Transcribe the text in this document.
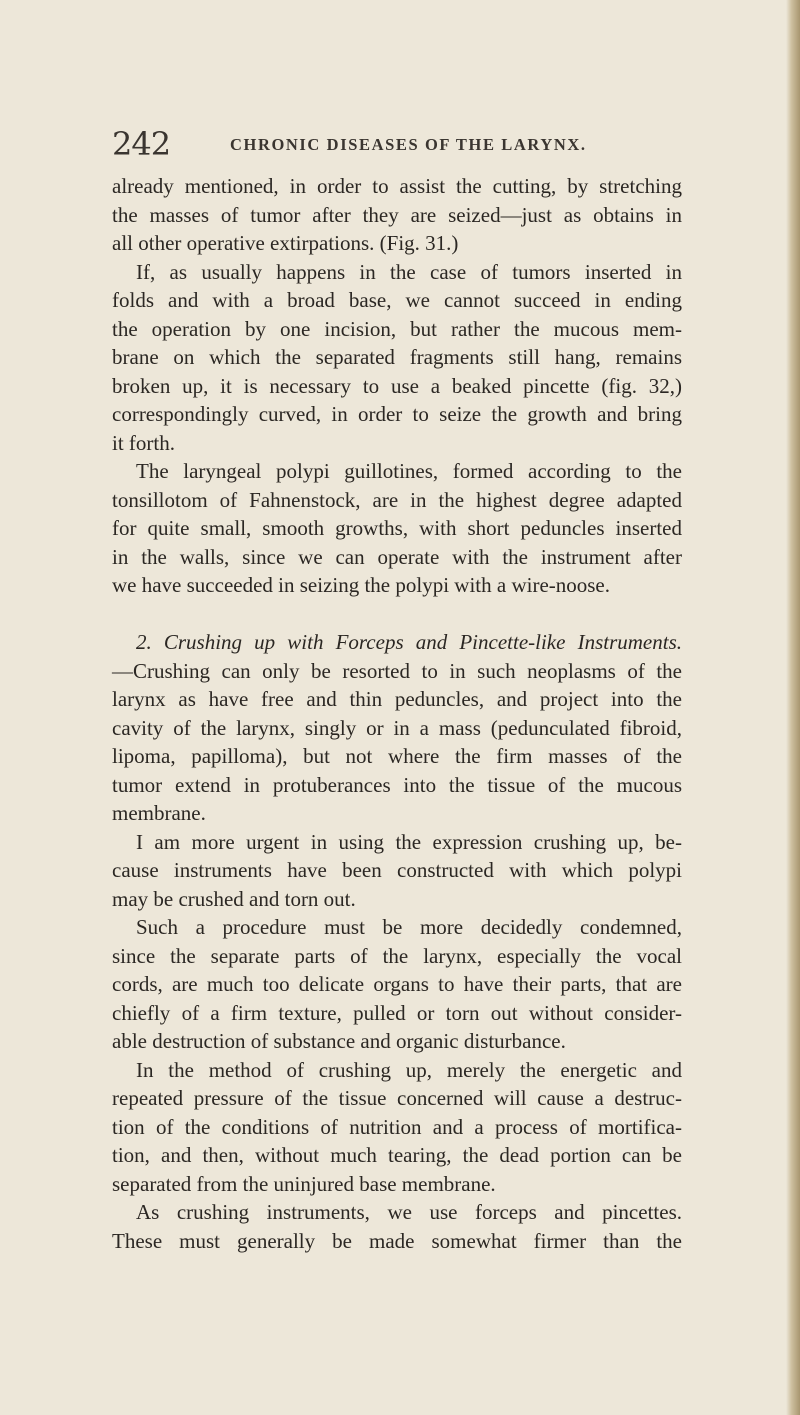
242	CHRONIC DISEASES OF THE LARYNX.
already mentioned, in order to assist the cutting, by stretching
the masses of tumor after they are seized—just as obtains in
all other operative extirpations. (Fig. 31.)
If, as usually happens in the case of tumors inserted in
folds and with a broad base, we cannot succeed in ending
the operation by one incision, but rather the mucous mem-
brane on which the separated fragments still hang, remains
broken up, it is necessary to use a beaked pincette (fig. 32,)
correspondingly curved, in order to seize the growth and bring
it forth.
The laryngeal polypi guillotines, formed according to the
tonsillotom of Fahnenstock, are in the highest degree adapted
for quite small, smooth growths, with short peduncles inserted
in the walls, since we can operate with the instrument after
we have succeeded in seizing the polypi with a wire-noose.
2. Crushing up with Forceps and Pincette-like Instruments.
—Crushing can only be resorted to in such neoplasms of the
larynx as have free and thin peduncles, and project into the
cavity of the larynx, singly or in a mass (pedunculated fibroid,
lipoma, papilloma), but not where the firm masses of the
tumor extend in protuberances into the tissue of the mucous
membrane.
I am more urgent in using the expression crushing up, be-
cause instruments have been constructed with which polypi
may be crushed and torn out.
Such a procedure must be more decidedly condemned,
since the separate parts of the larynx, especially the vocal
cords, are much too delicate organs to have their parts, that are
chiefly of a firm texture, pulled or torn out without consider-
able destruction of substance and organic disturbance.
In the method of crushing up, merely the energetic and
repeated pressure of the tissue concerned will cause a destruc-
tion of the conditions of nutrition and a process of mortifica-
tion, and then, without much tearing, the dead portion can be
separated from the uninjured base membrane.
As crushing instruments, we use forceps and pincettes.
These must generally be made somewhat firmer than the
